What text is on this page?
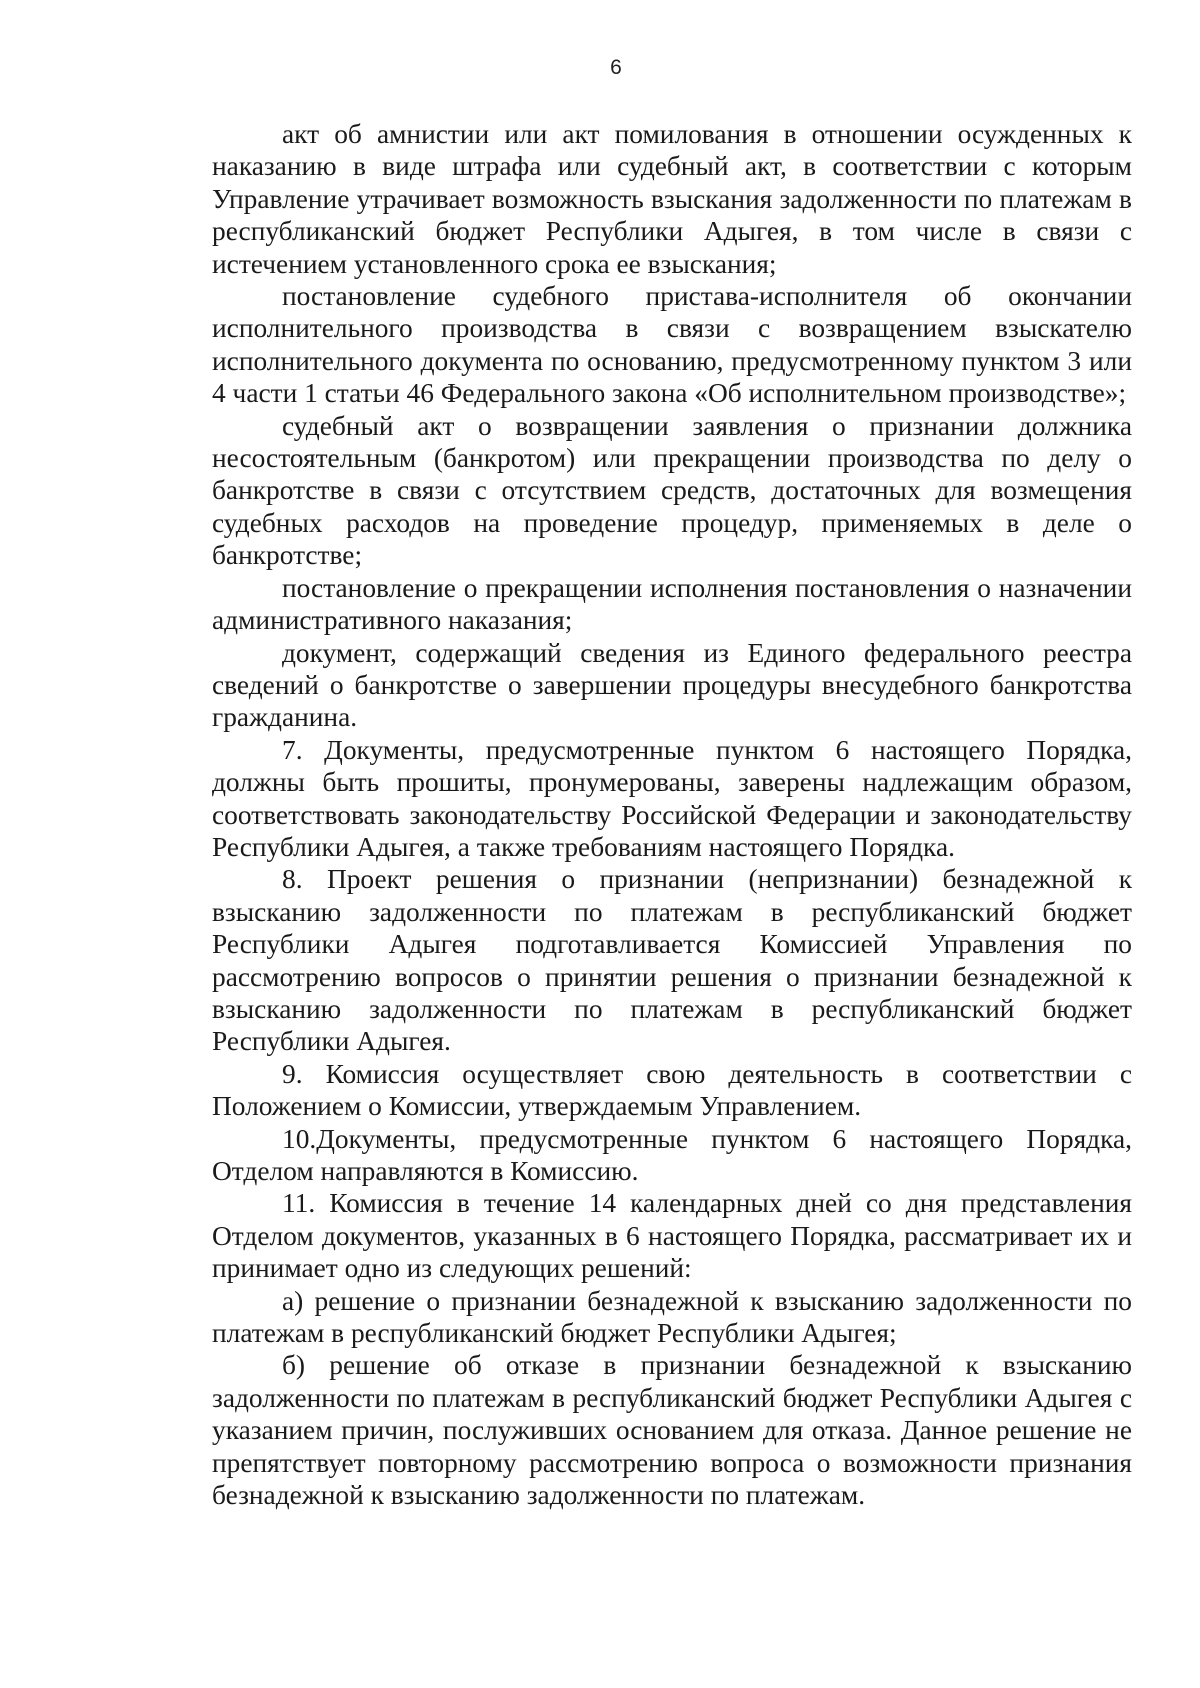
6

акт об амнистии или акт помилования в отношении осужденных к наказанию в виде штрафа или судебный акт, в соответствии с которым Управление утрачивает возможность взыскания задолженности по платежам в республиканский бюджет Республики Адыгея, в том числе в связи с истечением установленного срока ее взыскания;

постановление судебного пристава-исполнителя об окончании исполнительного производства в связи с возвращением взыскателю исполнительного документа по основанию, предусмотренному пунктом 3 или 4 части 1 статьи 46 Федерального закона «Об исполнительном производстве»;

судебный акт о возвращении заявления о признании должника несостоятельным (банкротом) или прекращении производства по делу о банкротстве в связи с отсутствием средств, достаточных для возмещения судебных расходов на проведение процедур, применяемых в деле о банкротстве;

постановление о прекращении исполнения постановления о назначении административного наказания;

документ, содержащий сведения из Единого федерального реестра сведений о банкротстве о завершении процедуры внесудебного банкротства гражданина.

7. Документы, предусмотренные пунктом 6 настоящего Порядка, должны быть прошиты, пронумерованы, заверены надлежащим образом, соответствовать законодательству Российской Федерации и законодательству Республики Адыгея, а также требованиям настоящего Порядка.

8. Проект решения о признании (непризнании) безнадежной к взысканию задолженности по платежам в республиканский бюджет Республики Адыгея подготавливается Комиссией Управления по рассмотрению вопросов о принятии решения о признании безнадежной к взысканию задолженности по платежам в республиканский бюджет Республики Адыгея.

9. Комиссия осуществляет свою деятельность в соответствии с Положением о Комиссии, утверждаемым Управлением.

10.Документы, предусмотренные пунктом 6 настоящего Порядка, Отделом направляются в Комиссию.

11. Комиссия в течение 14 календарных дней со дня представления Отделом документов, указанных в 6 настоящего Порядка, рассматривает их и принимает одно из следующих решений:

а) решение о признании безнадежной к взысканию задолженности по платежам в республиканский бюджет Республики Адыгея;

б) решение об отказе в признании безнадежной к взысканию задолженности по платежам в республиканский бюджет Республики Адыгея с указанием причин, послуживших основанием для отказа. Данное решение не препятствует повторному рассмотрению вопроса о возможности признания безнадежной к взысканию задолженности по платежам.
